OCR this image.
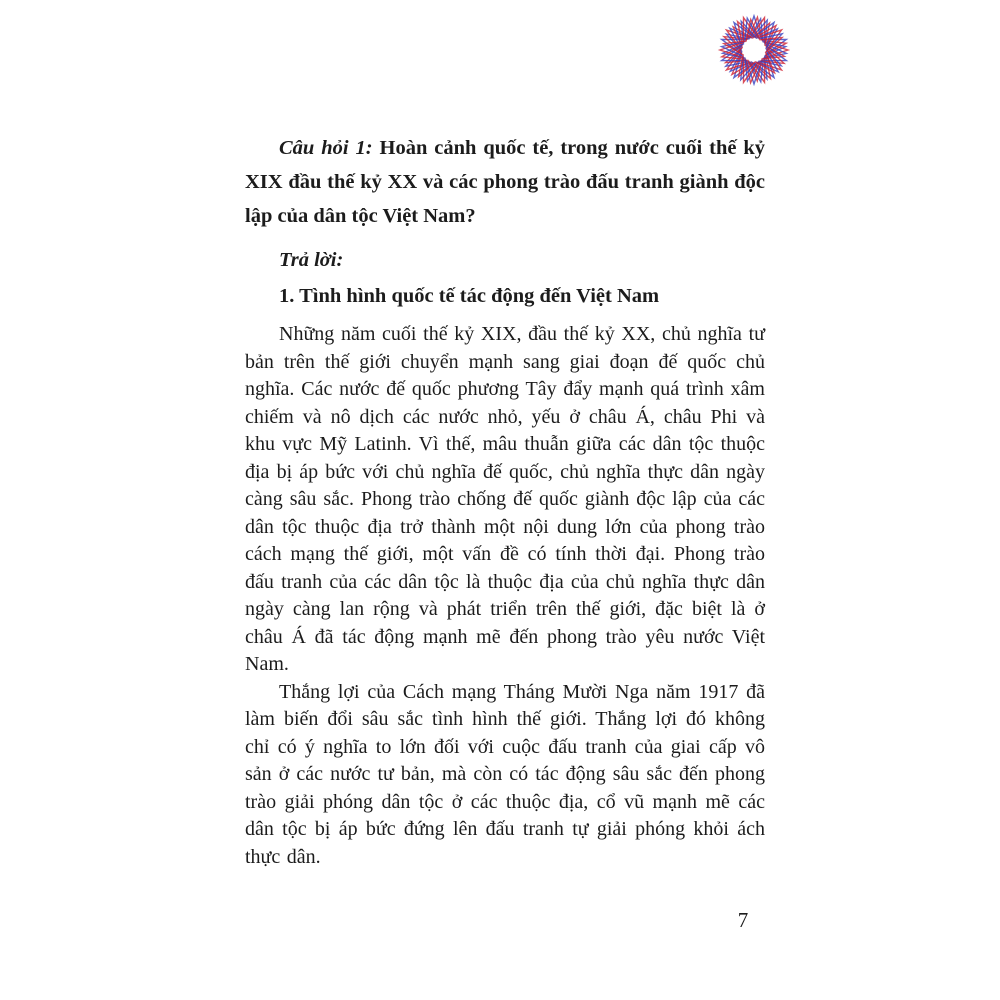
Câu hỏi 1: Hoàn cảnh quốc tế, trong nước cuối thế kỷ XIX đầu thế kỷ XX và các phong trào đấu tranh giành độc lập của dân tộc Việt Nam?

Trả lời:

1. Tình hình quốc tế tác động đến Việt Nam

Những năm cuối thế kỷ XIX, đầu thế kỷ XX, chủ nghĩa tư bản trên thế giới chuyển mạnh sang giai đoạn đế quốc chủ nghĩa. Các nước đế quốc phương Tây đẩy mạnh quá trình xâm chiếm và nô dịch các nước nhỏ, yếu ở châu Á, châu Phi và khu vực Mỹ Latinh. Vì thế, mâu thuẫn giữa các dân tộc thuộc địa bị áp bức với chủ nghĩa đế quốc, chủ nghĩa thực dân ngày càng sâu sắc. Phong trào chống đế quốc giành độc lập của các dân tộc thuộc địa trở thành một nội dung lớn của phong trào cách mạng thế giới, một vấn đề có tính thời đại. Phong trào đấu tranh của các dân tộc là thuộc địa của chủ nghĩa thực dân ngày càng lan rộng và phát triển trên thế giới, đặc biệt là ở châu Á đã tác động mạnh mẽ đến phong trào yêu nước Việt Nam.

Thắng lợi của Cách mạng Tháng Mười Nga năm 1917 đã làm biến đổi sâu sắc tình hình thế giới. Thắng lợi đó không chỉ có ý nghĩa to lớn đối với cuộc đấu tranh của giai cấp vô sản ở các nước tư bản, mà còn có tác động sâu sắc đến phong trào giải phóng dân tộc ở các thuộc địa, cổ vũ mạnh mẽ các dân tộc bị áp bức đứng lên đấu tranh tự giải phóng khỏi ách thực dân.

7
